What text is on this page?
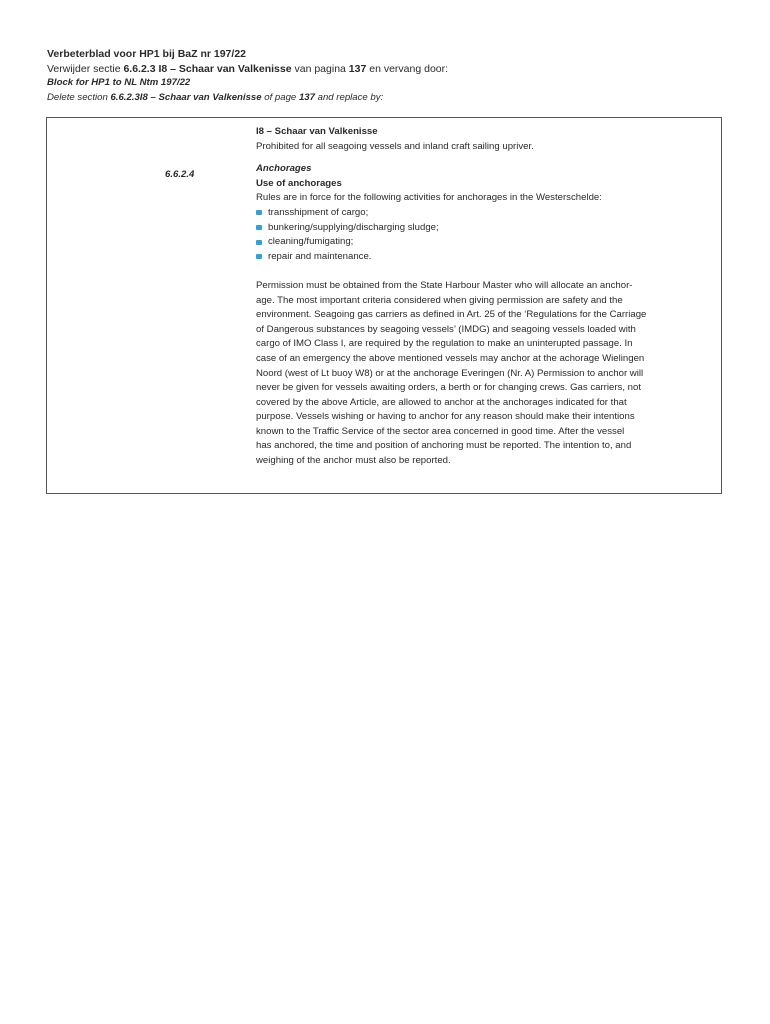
Verbeterblad voor HP1 bij BaZ nr 197/22
Verwijder sectie 6.6.2.3 I8 – Schaar van Valkenisse van pagina 137 en vervang door:
Block for HP1 to NL Ntm 197/22
Delete section 6.6.2.3I8 – Schaar van Valkenisse of page 137 and replace by:
6.6.2.4
I8 – Schaar van Valkenisse
Prohibited for all seagoing vessels and inland craft sailing upriver.
Anchorages
Use of anchorages
Rules are in force for the following activities for anchorages in the Westerschelde:
transshipment of cargo;
bunkering/supplying/discharging sludge;
cleaning/fumigating;
repair and maintenance.
Permission must be obtained from the State Harbour Master who will allocate an anchor-
age. The most important criteria considered when giving permission are safety and the
environment. Seagoing gas carriers as defined in Art. 25 of the ‘Regulations for the Carriage
of Dangerous substances by seagoing vessels’ (IMDG) and seagoing vessels loaded with
cargo of IMO Class I, are required by the regulation to make an uninterupted passage. In
case of an emergency the above mentioned vessels may anchor at the achorage Wielingen
Noord (west of Lt buoy W8) or at the anchorage Everingen (Nr. A) Permission to anchor will
never be given for vessels awaiting orders, a berth or for changing crews. Gas carriers, not
covered by the above Article, are allowed to anchor at the anchorages indicated for that
purpose. Vessels wishing or having to anchor for any reason should make their intentions
known to the Traffic Service of the sector area concerned in good time. After the vessel
has anchored, the time and position of anchoring must be reported. The intention to, and
weighing of the anchor must also be reported.
